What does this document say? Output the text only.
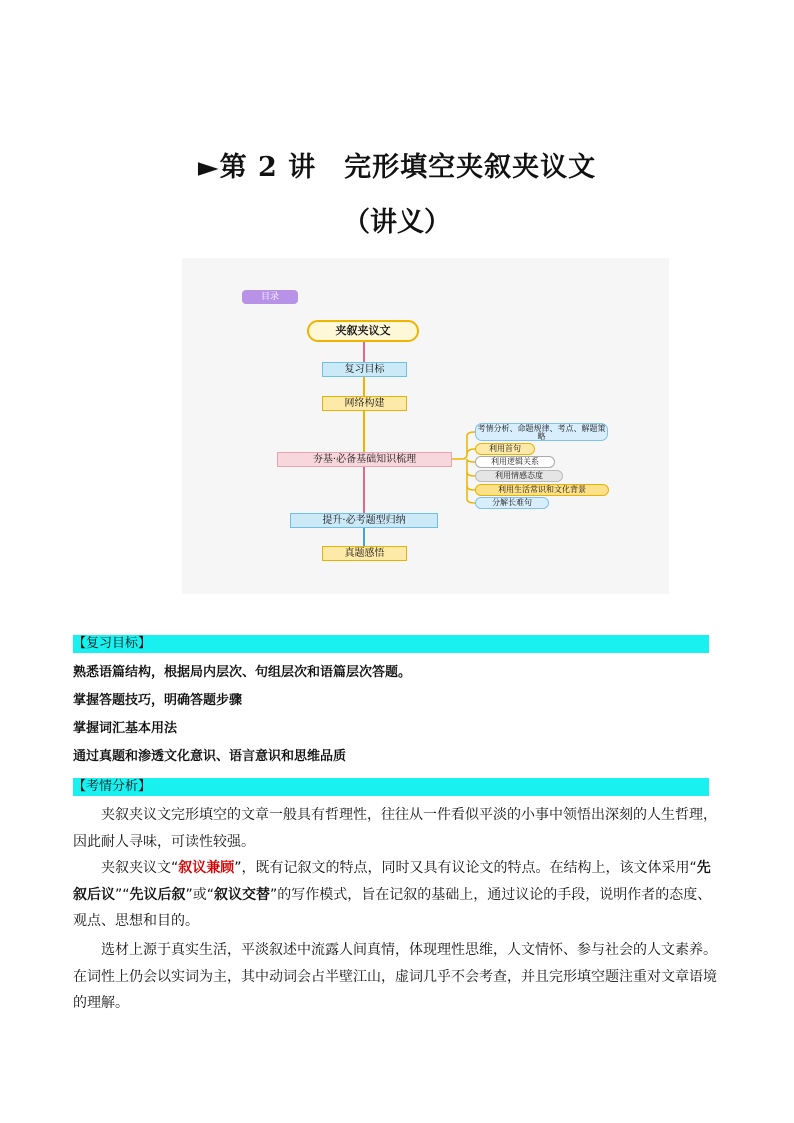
►第 2 讲　完形填空夹叙夹议文
（讲义）
目录
夹叙夹议文
复习目标
网络构建
夯基·必备基础知识梳理
提升·必考题型归纳
真题感悟
考情分析、命题规律、考点、解题策略
利用首句
利用逻辑关系
利用情感态度
利用生活常识和文化背景
分解长难句
【复习目标】
熟悉语篇结构，根据局内层次、句组层次和语篇层次答题。
掌握答题技巧，明确答题步骤
掌握词汇基本用法
通过真题和渗透文化意识、语言意识和思维品质
【考情分析】

夹叙夹议文完形填空的文章一般具有哲理性，往往从一件看似平淡的小事中领悟出深刻的人生哲理，因此耐人寻味，可读性较强。

夹叙夹议文“叙议兼顾”，既有记叙文的特点，同时又具有议论文的特点。在结构上，该文体采用“先叙后议”“先议后叙”或“叙议交替”的写作模式，旨在记叙的基础上，通过议论的手段，说明作者的态度、观点、思想和目的。

选材上源于真实生活，平淡叙述中流露人间真情，体现理性思维，人文情怀、参与社会的人文素养。在词性上仍会以实词为主，其中动词会占半壁江山，虚词几乎不会考查，并且完形填空题注重对文章语境的理解。
